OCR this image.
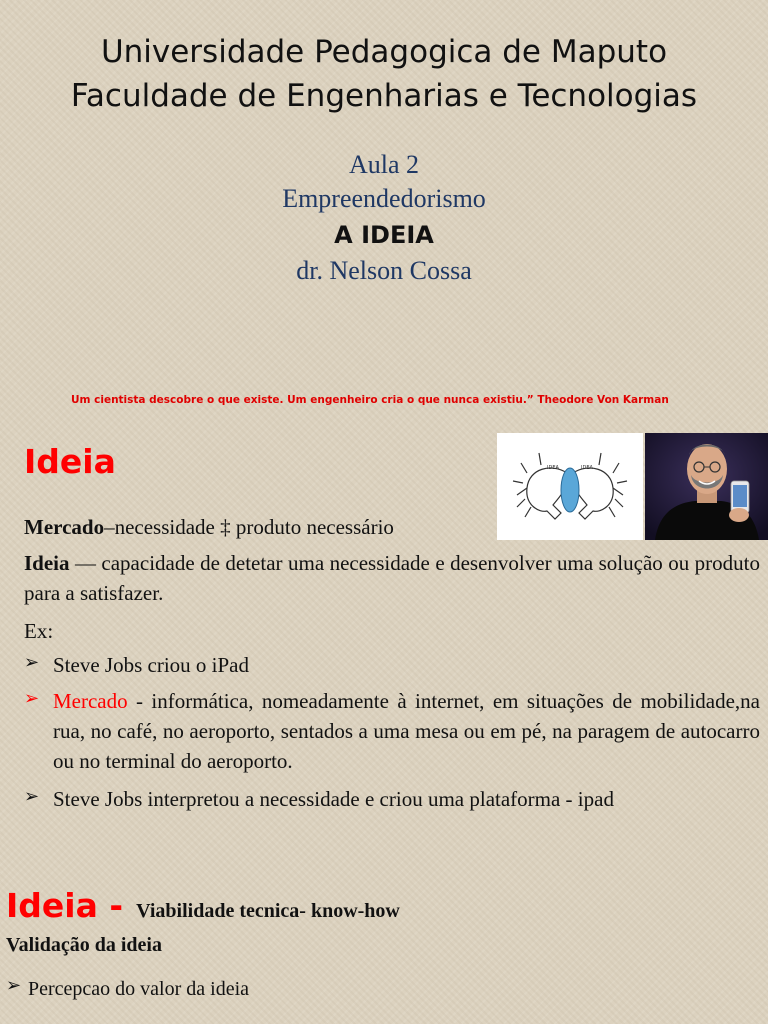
Universidade Pedagogica de Maputo
Faculdade de Engenharias e Tecnologias
Aula 2
Empreendedorismo
A IDEIA
dr. Nelson Cossa
Um cientista descobre o que existe. Um engenheiro cria o que nunca existiu.” Theodore Von Karman
Ideia	IDEA	IDEA
Mercado–necessidade ‡ produto necessário
Ideia — capacidade de detetar uma necessidade e desenvolver uma solução ou produto para a satisfazer.
Ex:
➢ Steve Jobs criou o iPad
➢ Mercado - informática, nomeadamente à internet, em situações de mobilidade,na rua, no café, no aeroporto, sentados a uma mesa ou em pé, na paragem de autocarro ou no terminal do aeroporto.
➢ Steve Jobs interpretou a necessidade e criou uma plataforma - ipad
Ideia - Viabilidade tecnica- know-how
Validação da ideia
➢ Percepcao do valor da ideia
